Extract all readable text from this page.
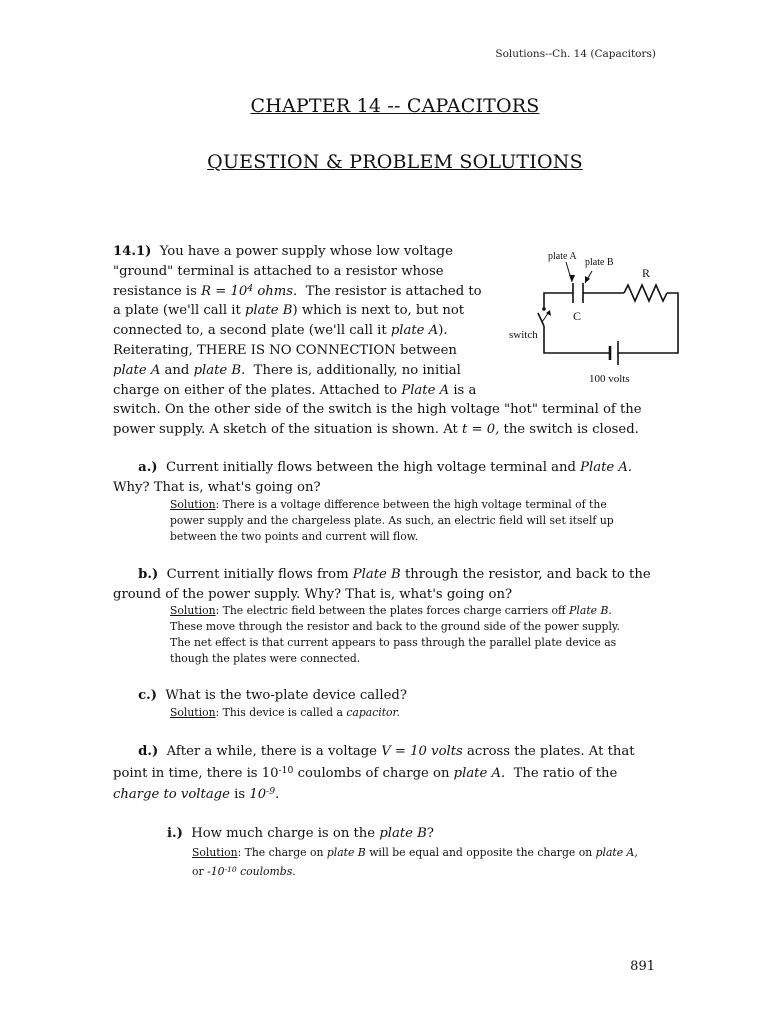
Solutions--Ch. 14 (Capacitors)
CHAPTER 14 -- CAPACITORS
QUESTION & PROBLEM SOLUTIONS
14.1) You have a power supply whose low voltage
"ground" terminal is attached to a resistor whose
resistance is $R = 10^4$ ohms.  The resistor is attached to
a plate (we'll call it plate B) which is next to, but not
connected to, a second plate (we'll call it plate A).
Reiterating, THERE IS NO CONNECTION between
plate A and plate B.  There is, additionally, no initial
charge on either of the plates. Attached to Plate A is a
switch. On the other side of the switch is the high voltage "hot" terminal of the
power supply. A sketch of the situation is shown. At t = 0, the switch is closed.
plate A
plate B
R
C
switch
100 volts
a.) Current initially flows between the high voltage terminal and Plate A.
Why? That is, what's going on?
Solution: There is a voltage difference between the high voltage terminal of the
power supply and the chargeless plate. As such, an electric field will set itself up
between the two points and current will flow.
b.) Current initially flows from Plate B through the resistor, and back to the
ground of the power supply. Why? That is, what's going on?
Solution: The electric field between the plates forces charge carriers off Plate B.
These move through the resistor and back to the ground side of the power supply.
The net effect is that current appears to pass through the parallel plate device as
though the plates were connected.
c.) What is the two-plate device called?
Solution: This device is called a capacitor.
d.) After a while, there is a voltage V = 10 volts across the plates. At that
point in time, there is $10^{-10}$ coulombs of charge on plate A. The ratio of the
charge to voltage is $10^{-9}$.
i.) How much charge is on the plate B?
Solution: The charge on plate B will be equal and opposite the charge on plate A,
or $-10^{-10}$ coulombs.
891
